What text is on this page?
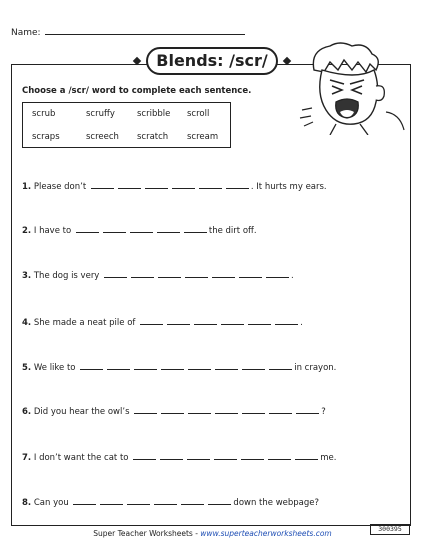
Name:
Blends: /scr/
Choose a /scr/ word to complete each sentence.
scrub	scruffy	scribble scroll
scraps	screech scratch scream
1. Please don’t	. It hurts my ears.
2. I have to	the dirt off.
3. The dog is very	.
4. She made a neat pile of	.
5. We like to	in crayon.
6. Did you hear the owl’s	?
7. I don’t want the cat to	me.
8. Can you	down the webpage?
Super Teacher Worksheets - www.superteacherworksheets.com	300395
